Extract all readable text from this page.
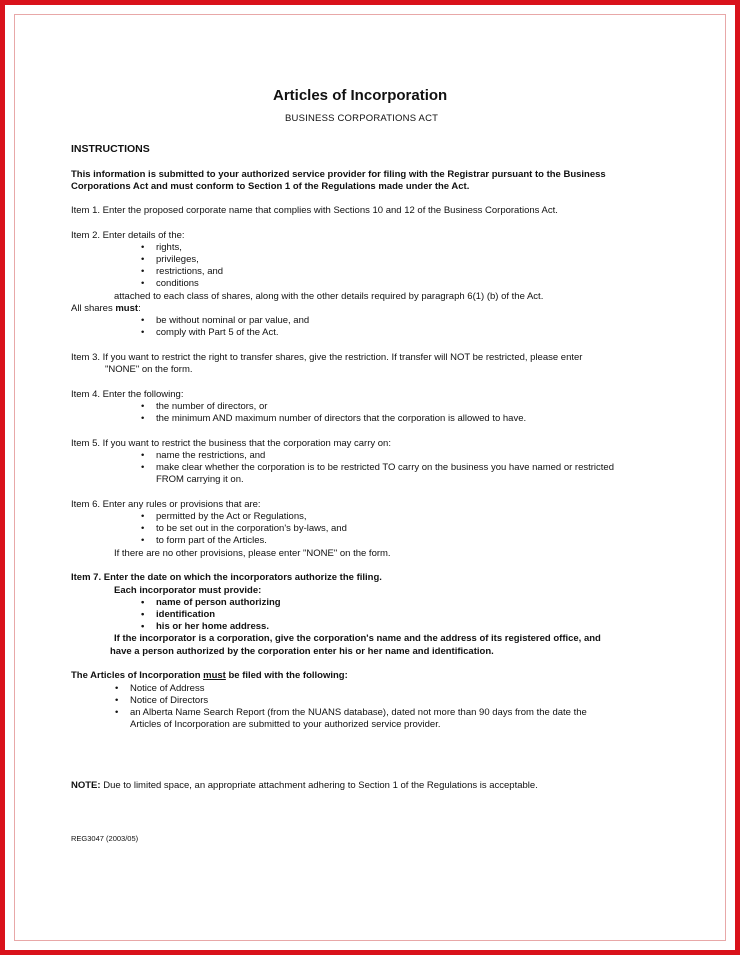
Articles of Incorporation
BUSINESS CORPORATIONS ACT
INSTRUCTIONS
This information is submitted to your authorized service provider for filing with the Registrar pursuant to the Business
Corporations Act and must conform to Section 1 of the Regulations made under the Act.
Item 1. Enter the proposed corporate name that complies with Sections 10 and 12 of the Business Corporations Act.
Item 2. Enter details of the:
• rights,
• privileges,
• restrictions, and
• conditions
attached to each class of shares, along with the other details required by paragraph 6(1) (b) of the Act.
All shares must:
• be without nominal or par value, and
• comply with Part 5 of the Act.
Item 3. If you want to restrict the right to transfer shares, give the restriction. If transfer will NOT be restricted, please enter
"NONE" on the form.
Item 4. Enter the following:
• the number of directors, or
• the minimum AND maximum number of directors that the corporation is allowed to have.
Item 5. If you want to restrict the business that the corporation may carry on:
• name the restrictions, and
• make clear whether the corporation is to be restricted TO carry on the business you have named or restricted
FROM carrying it on.
Item 6. Enter any rules or provisions that are:
• permitted by the Act or Regulations,
• to be set out in the corporation's by-laws, and
• to form part of the Articles.
If there are no other provisions, please enter "NONE" on the form.
Item 7. Enter the date on which the incorporators authorize the filing.
Each incorporator must provide:
• name of person authorizing
• identification
• his or her home address.
If the incorporator is a corporation, give the corporation's name and the address of its registered office, and
have a person authorized by the corporation enter his or her name and identification.
The Articles of Incorporation must be filed with the following:
• Notice of Address
• Notice of Directors
• an Alberta Name Search Report (from the NUANS database), dated not more than 90 days from the date the
Articles of Incorporation are submitted to your authorized service provider.
NOTE: Due to limited space, an appropriate attachment adhering to Section 1 of the Regulations is acceptable.
REG3047 (2003/05)
